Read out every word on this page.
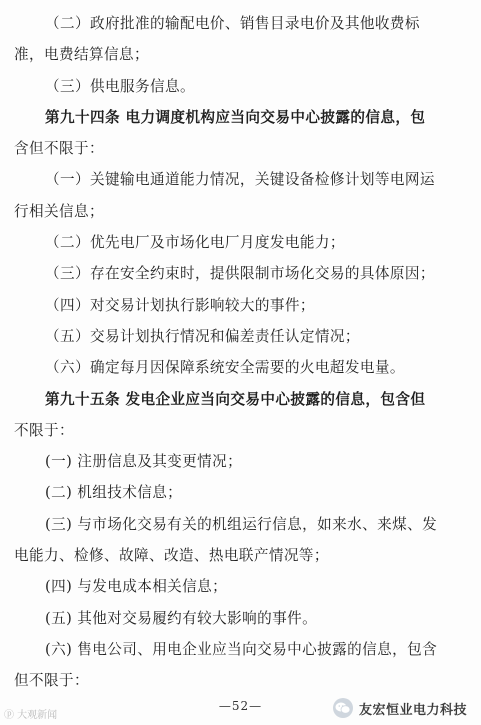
（二）政府批准的输配电价、销售目录电价及其他收费标
准，电费结算信息；
（三）供电服务信息。
第九十四条 电力调度机构应当向交易中心披露的信息，包
含但不限于：
（一）关键输电通道能力情况，关键设备检修计划等电网运
行相关信息；
（二）优先电厂及市场化电厂月度发电能力；
（三）存在安全约束时，提供限制市场化交易的具体原因；
（四）对交易计划执行影响较大的事件；
（五）交易计划执行情况和偏差责任认定情况；
（六）确定每月因保障系统安全需要的火电超发电量。
第九十五条 发电企业应当向交易中心披露的信息，包含但
不限于：
(一) 注册信息及其变更情况；
(二) 机组技术信息；
(三) 与市场化交易有关的机组运行信息，如来水、来煤、发
电能力、检修、故障、改造、热电联产情况等；
(四) 与发电成本相关信息；
(五) 其他对交易履约有较大影响的事件。
(六) 售电公司、用电企业应当向交易中心披露的信息，包含
但不限于：
—52—
ⓟ 大观新闻	友宏恒业电力科技
